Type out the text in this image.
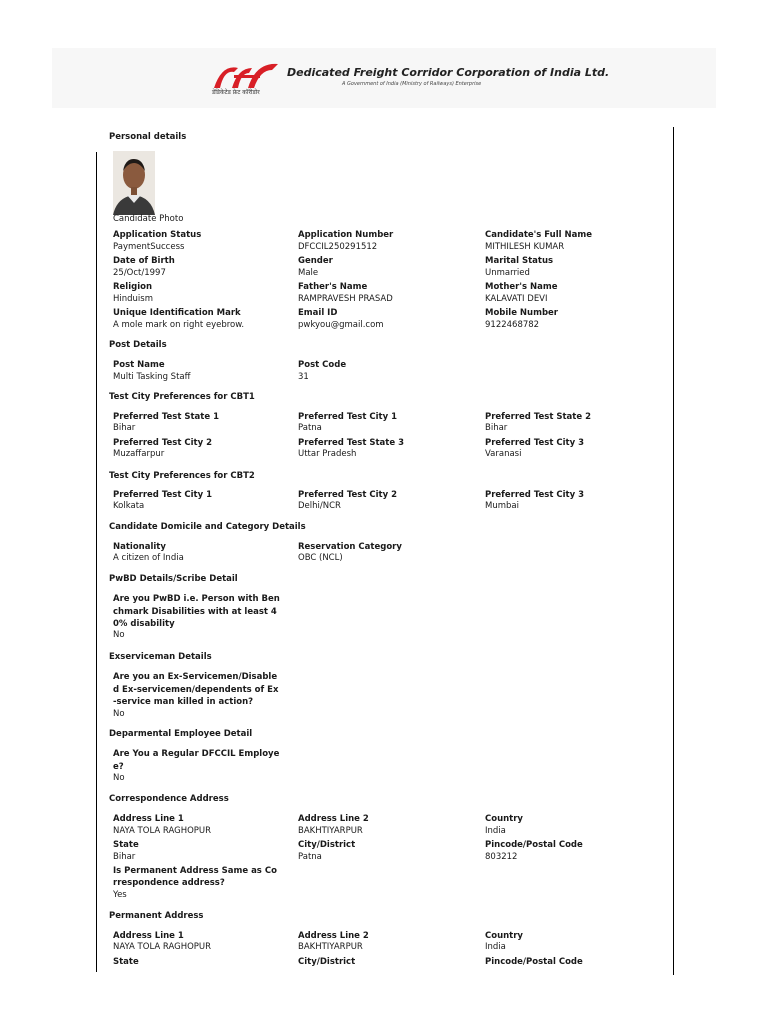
डेडिकेटेड फ्रेट कॉरीडोर
Dedicated Freight Corridor Corporation of India Ltd.
A Government of India (Ministry of Railways) Enterprise
Personal details
Candidate Photo
Application Status
PaymentSuccess
Application Number
DFCCIL250291512
Candidate's Full Name
MITHILESH KUMAR
Date of Birth
25/Oct/1997
Gender
Male
Marital Status
Unmarried
Religion
Hinduism
Father's Name
RAMPRAVESH PRASAD
Mother's Name
KALAVATI DEVI
Unique Identification Mark
A mole mark on right eyebrow.
Email ID
pwkyou@gmail.com
Mobile Number
9122468782
Post Details
Post Name
Multi Tasking Staff
Post Code
31
Test City Preferences for CBT1
Preferred Test State 1
Bihar
Preferred Test City 1
Patna
Preferred Test State 2
Bihar
Preferred Test City 2
Muzaffarpur
Preferred Test State 3
Uttar Pradesh
Preferred Test City 3
Varanasi
Test City Preferences for CBT2
Preferred Test City 1
Kolkata
Preferred Test City 2
Delhi/NCR
Preferred Test City 3
Mumbai
Candidate Domicile and Category Details
Nationality
A citizen of India
Reservation Category
OBC (NCL)
PwBD Details/Scribe Detail
Are you PwBD i.e. Person with Ben
chmark Disabilities with at least 4
0% disability
No
Exserviceman Details
Are you an Ex-Servicemen/Disable
d Ex-servicemen/dependents of Ex
-service man killed in action?
No
Deparmental Employee Detail
Are You a Regular DFCCIL Employe
e?
No
Correspondence Address
Address Line 1
NAYA TOLA RAGHOPUR
Address Line 2
BAKHTIYARPUR
Country
India
State
Bihar
City/District
Patna
Pincode/Postal Code
803212
Is Permanent Address Same as Co
rrespondence address?
Yes
Permanent Address
Address Line 1
NAYA TOLA RAGHOPUR
Address Line 2
BAKHTIYARPUR
Country
India
State	City/District	Pincode/Postal Code
